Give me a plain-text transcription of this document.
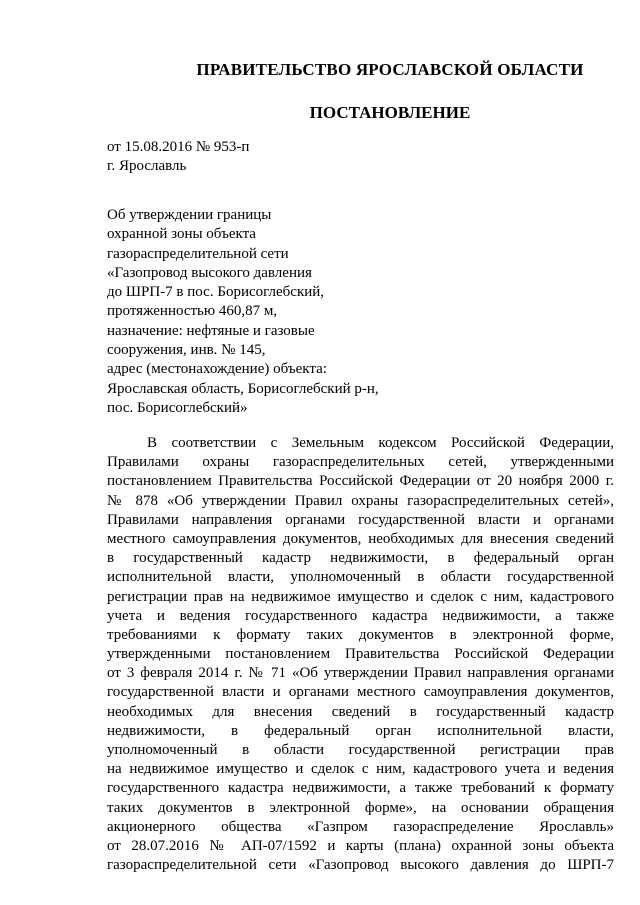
ПРАВИТЕЛЬСТВО ЯРОСЛАВСКОЙ ОБЛАСТИ
ПОСТАНОВЛЕНИЕ
от 15.08.2016 № 953-п
г. Ярославль
Об утверждении границы
охранной зоны объекта
газораспределительной сети
«Газопровод высокого давления
до ШРП-7 в пос. Борисоглебский,
протяженностью 460,87 м,
назначение: нефтяные и газовые
сооружения, инв. № 145,
адрес (местонахождение) объекта:
Ярославская область, Борисоглебский р-н,
пос. Борисоглебский»
В соответствии с Земельным кодексом Российской Федерации,
Правилами охраны газораспределительных сетей, утвержденными
постановлением Правительства Российской Федерации от 20 ноября 2000 г.
№ 878 «Об утверждении Правил охраны газораспределительных сетей»,
Правилами направления органами государственной власти и органами
местного самоуправления документов, необходимых для внесения сведений
в государственный кадастр недвижимости, в федеральный орган
исполнительной власти, уполномоченный в области государственной
регистрации прав на недвижимое имущество и сделок с ним, кадастрового
учета и ведения государственного кадастра недвижимости, а также
требованиями к формату таких документов в электронной форме,
утвержденными постановлением Правительства Российской Федерации
от 3 февраля 2014 г. № 71 «Об утверждении Правил направления органами
государственной власти и органами местного самоуправления документов,
необходимых для внесения сведений в государственный кадастр
недвижимости, в федеральный орган исполнительной власти,
уполномоченный в области государственной регистрации прав
на недвижимое имущество и сделок с ним, кадастрового учета и ведения
государственного кадастра недвижимости, а также требований к формату
таких документов в электронной форме», на основании обращения
акционерного общества «Газпром газораспределение Ярославль»
от 28.07.2016 № АП-07/1592 и карты (плана) охранной зоны объекта
газораспределительной сети «Газопровод высокого давления до ШРП-7
